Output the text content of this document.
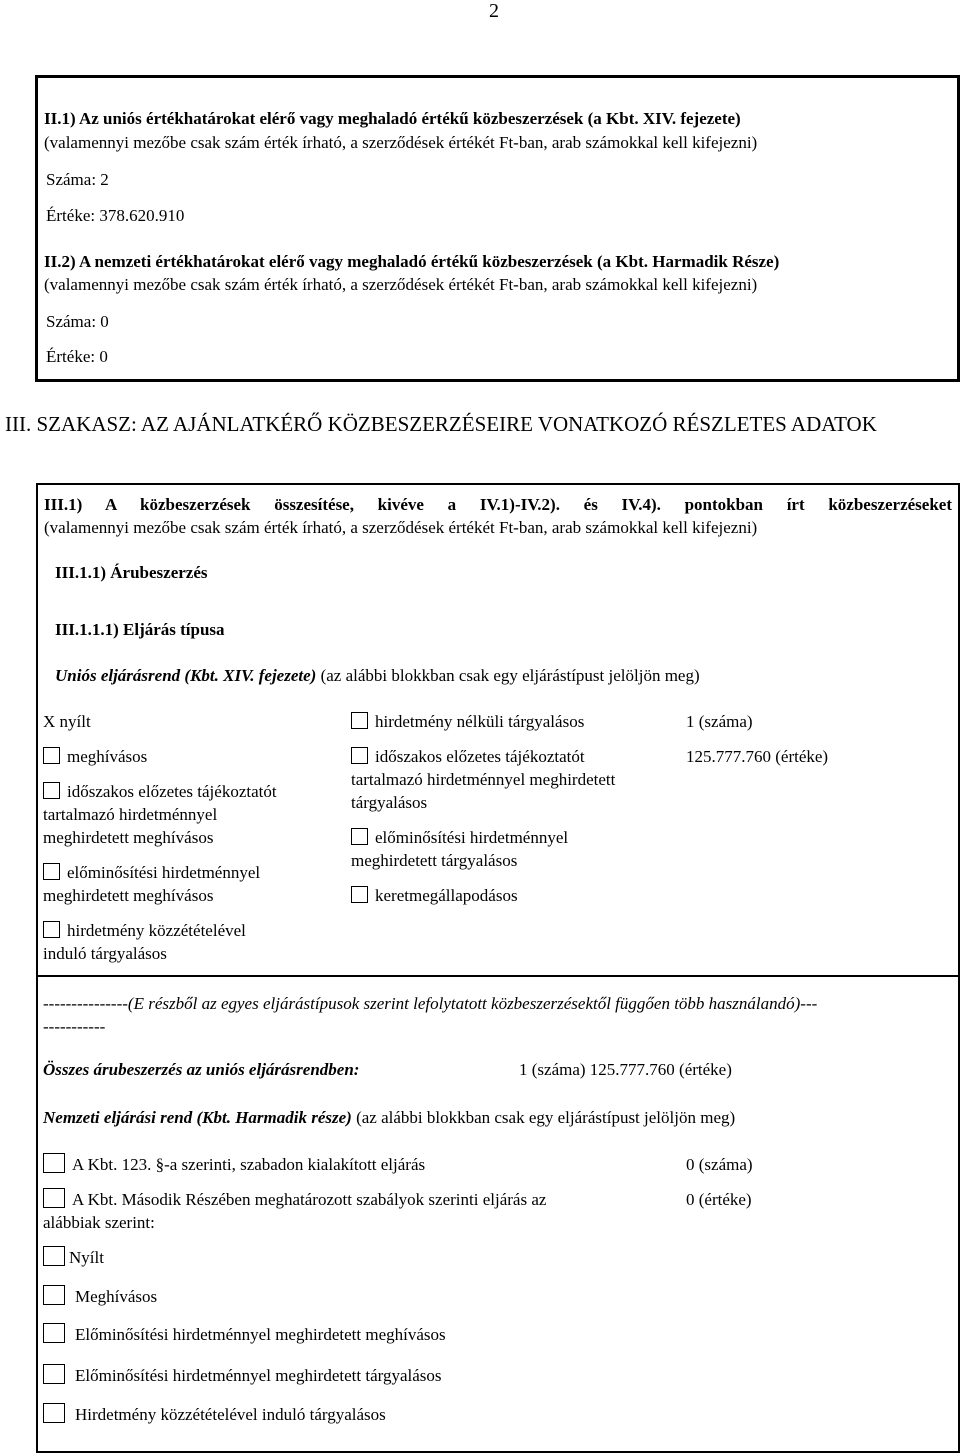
2
II.1) Az uniós értékhatárokat elérő vagy meghaladó értékű közbeszerzések (a Kbt. XIV. fejezete)
(valamennyi mezőbe csak szám érték írható, a szerződések értékét Ft-ban, arab számokkal kell kifejezni)
Száma: 2
Értéke: 378.620.910
II.2) A nemzeti értékhatárokat elérő vagy meghaladó értékű közbeszerzések (a Kbt. Harmadik Része)
(valamennyi mezőbe csak szám érték írható, a szerződések értékét Ft-ban, arab számokkal kell kifejezni)
Száma: 0
Értéke: 0
III. SZAKASZ: AZ AJÁNLATKÉRŐ KÖZBESZERZÉSEIRE VONATKOZÓ RÉSZLETES ADATOK
III.1) A közbeszerzések összesítése, kivéve a IV.1)-IV.2). és IV.4). pontokban írt közbeszerzéseket
(valamennyi mezőbe csak szám érték írható, a szerződések értékét Ft-ban, arab számokkal kell kifejezni)
III.1.1) Árubeszerzés
III.1.1.1) Eljárás típusa
Uniós eljárásrend (Kbt. XIV. fejezete) (az alábbi blokkban csak egy eljárástípust jelöljön meg)
X nyílt
meghívásos
időszakos előzetes tájékoztatót
tartalmazó hirdetménnyel
meghirdetett meghívásos
előminősítési hirdetménnyel
meghirdetett meghívásos
hirdetmény közzétételével
induló tárgyalásos
hirdetmény nélküli tárgyalásos
időszakos előzetes tájékoztatót
tartalmazó hirdetménnyel meghirdetett
tárgyalásos
előminősítési hirdetménnyel
meghirdetett tárgyalásos
keretmegállapodásos
1 (száma)
125.777.760 (értéke)
---------------(E részből az egyes eljárástípusok szerint lefolytatott közbeszerzésektől függően több használandó)---
-----------
Összes árubeszerzés az uniós eljárásrendben:	1 (száma) 125.777.760 (értéke)
Nemzeti eljárási rend (Kbt. Harmadik része) (az alábbi blokkban csak egy eljárástípust jelöljön meg)
A Kbt. 123. §-a szerinti, szabadon kialakított eljárás	0 (száma)
A Kbt. Második Részében meghatározott szabályok szerinti eljárás az
alábbiak szerint:
0 (értéke)
Nyílt
Meghívásos
Előminősítési hirdetménnyel meghirdetett meghívásos
Előminősítési hirdetménnyel meghirdetett tárgyalásos
Hirdetmény közzétételével induló tárgyalásos
